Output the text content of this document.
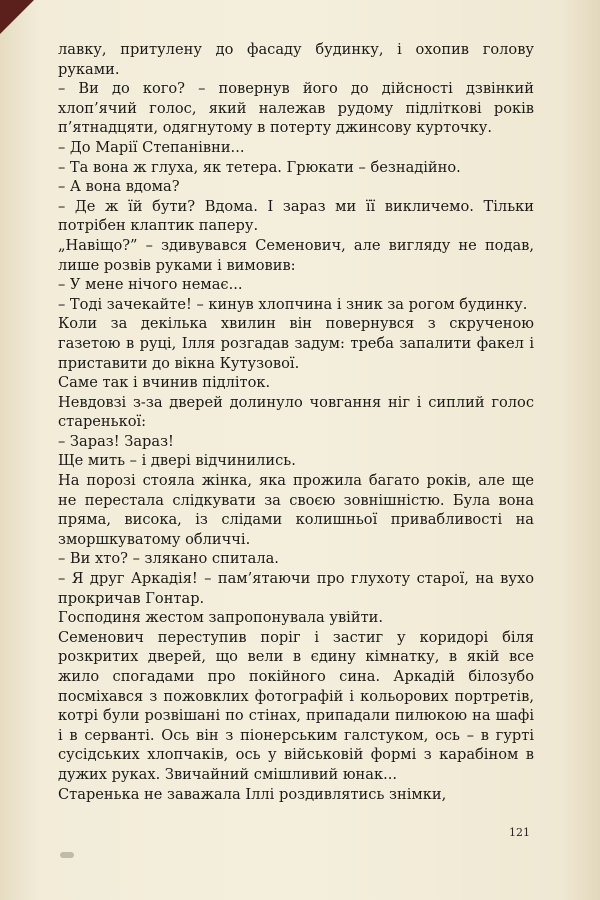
лавку, притулену до фасаду будинку, і охопив голову руками.

– Ви до кого? – повернув його до дійсності дзвінкий хлоп’ячий голос, який належав рудому підліткові років п’ятнадцяти, одягнутому в потерту джинсову курточку.

– До Марії Степанівни...

– Та вона ж глуха, як тетера. Грюкати – безнадійно.

– А вона вдома?

– Де ж їй бути? Вдома. І зараз ми її викличемо. Тільки потрібен клаптик паперу.

„Навіщо?” – здивувався Семенович, але вигляду не подав, лише розвів руками і вимовив:

– У мене нічого немає...

– Тоді зачекайте! – кинув хлопчина і зник за рогом будинку.

Коли за декілька хвилин він повернувся з скрученою газетою в руці, Ілля розгадав задум: треба запалити факел і приставити до вікна Кутузової.

Саме так і вчинив підліток.

Невдовзі з-за дверей долинуло човгання ніг і сиплий голос старенької:

– Зараз! Зараз!

Ще мить – і двері відчинились.

На порозі стояла жінка, яка прожила багато років, але ще не перестала слідкувати за своєю зовнішністю. Була вона пряма, висока, із слідами колишньої привабливості на зморшкуватому обличчі.

– Ви хто? – злякано спитала.

– Я друг Аркадія! – пам’ятаючи про глухоту старої, на вухо прокричав Гонтар.

Господиня жестом запропонувала увійти.

Семенович переступив поріг і застиг у коридорі біля розкритих дверей, що вели в єдину кімнатку, в якій все жило спогадами про покійного сина. Аркадій білозубо посміхався з пожовклих фотографій і кольорових портретів, котрі були розвішані по стінах, припадали пилюкою на шафі і в серванті. Ось він з піонерським галстуком, ось – в гурті сусідських хлопчаків, ось у військовій формі з карабіном в дужих руках. Звичайний смішливий юнак...

Старенька не заважала Іллі роздивлятись знімки,

121
